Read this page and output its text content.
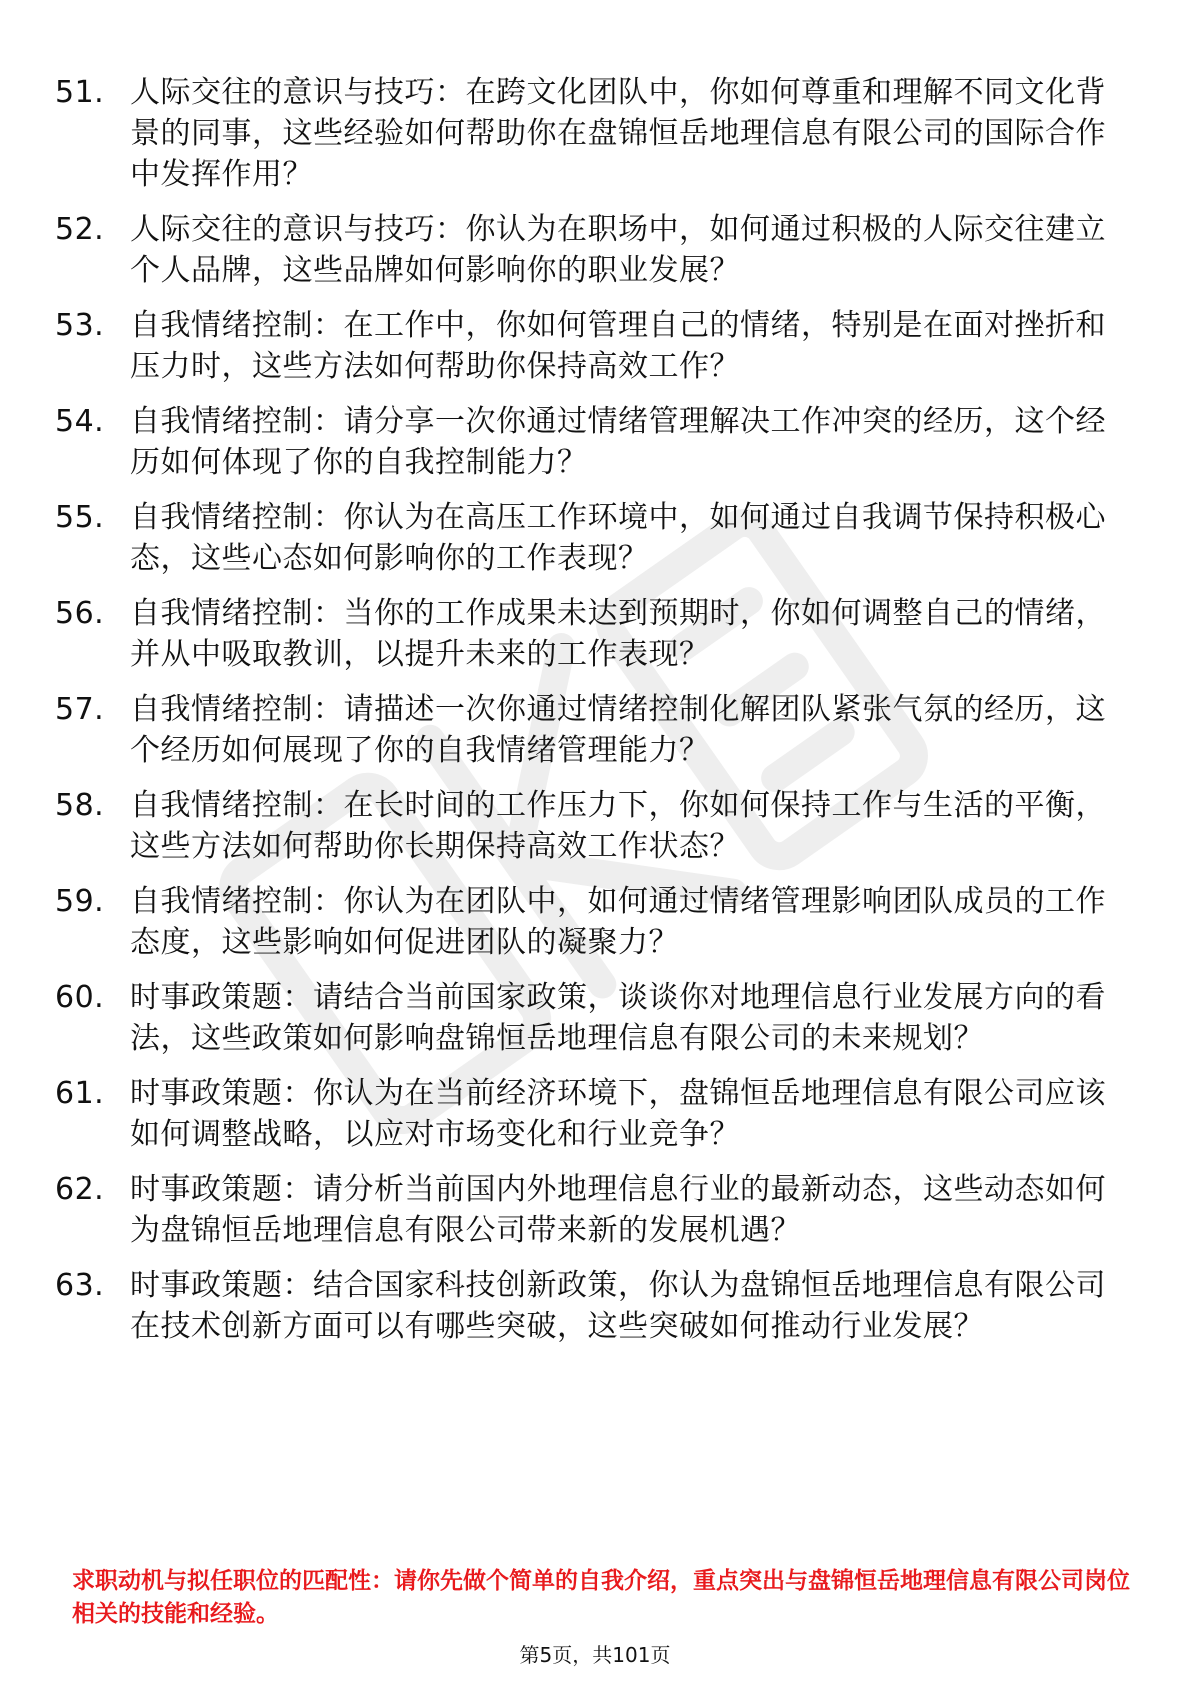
51. 人际交往的意识与技巧：在跨文化团队中，你如何尊重和理解不同文化背景的同事，这些经验如何帮助你在盘锦恒岳地理信息有限公司的国际合作中发挥作用？
52. 人际交往的意识与技巧：你认为在职场中，如何通过积极的人际交往建立个人品牌，这些品牌如何影响你的职业发展？
53. 自我情绪控制：在工作中，你如何管理自己的情绪，特别是在面对挫折和压力时，这些方法如何帮助你保持高效工作？
54. 自我情绪控制：请分享一次你通过情绪管理解决工作冲突的经历，这个经历如何体现了你的自我控制能力？
55. 自我情绪控制：你认为在高压工作环境中，如何通过自我调节保持积极心态，这些心态如何影响你的工作表现？
56. 自我情绪控制：当你的工作成果未达到预期时，你如何调整自己的情绪，并从中吸取教训，以提升未来的工作表现？
57. 自我情绪控制：请描述一次你通过情绪控制化解团队紧张气氛的经历，这个经历如何展现了你的自我情绪管理能力？
58. 自我情绪控制：在长时间的工作压力下，你如何保持工作与生活的平衡，这些方法如何帮助你长期保持高效工作状态？
59. 自我情绪控制：你认为在团队中，如何通过情绪管理影响团队成员的工作态度，这些影响如何促进团队的凝聚力？
60. 时事政策题：请结合当前国家政策，谈谈你对地理信息行业发展方向的看法，这些政策如何影响盘锦恒岳地理信息有限公司的未来规划？
61. 时事政策题：你认为在当前经济环境下，盘锦恒岳地理信息有限公司应该如何调整战略，以应对市场变化和行业竞争？
62. 时事政策题：请分析当前国内外地理信息行业的最新动态，这些动态如何为盘锦恒岳地理信息有限公司带来新的发展机遇？
63. 时事政策题：结合国家科技创新政策，你认为盘锦恒岳地理信息有限公司在技术创新方面可以有哪些突破，这些突破如何推动行业发展？
求职动机与拟任职位的匹配性：请你先做个简单的自我介绍，重点突出与盘锦恒岳地理信息有限公司岗位相关的技能和经验。
第5页，共101页
